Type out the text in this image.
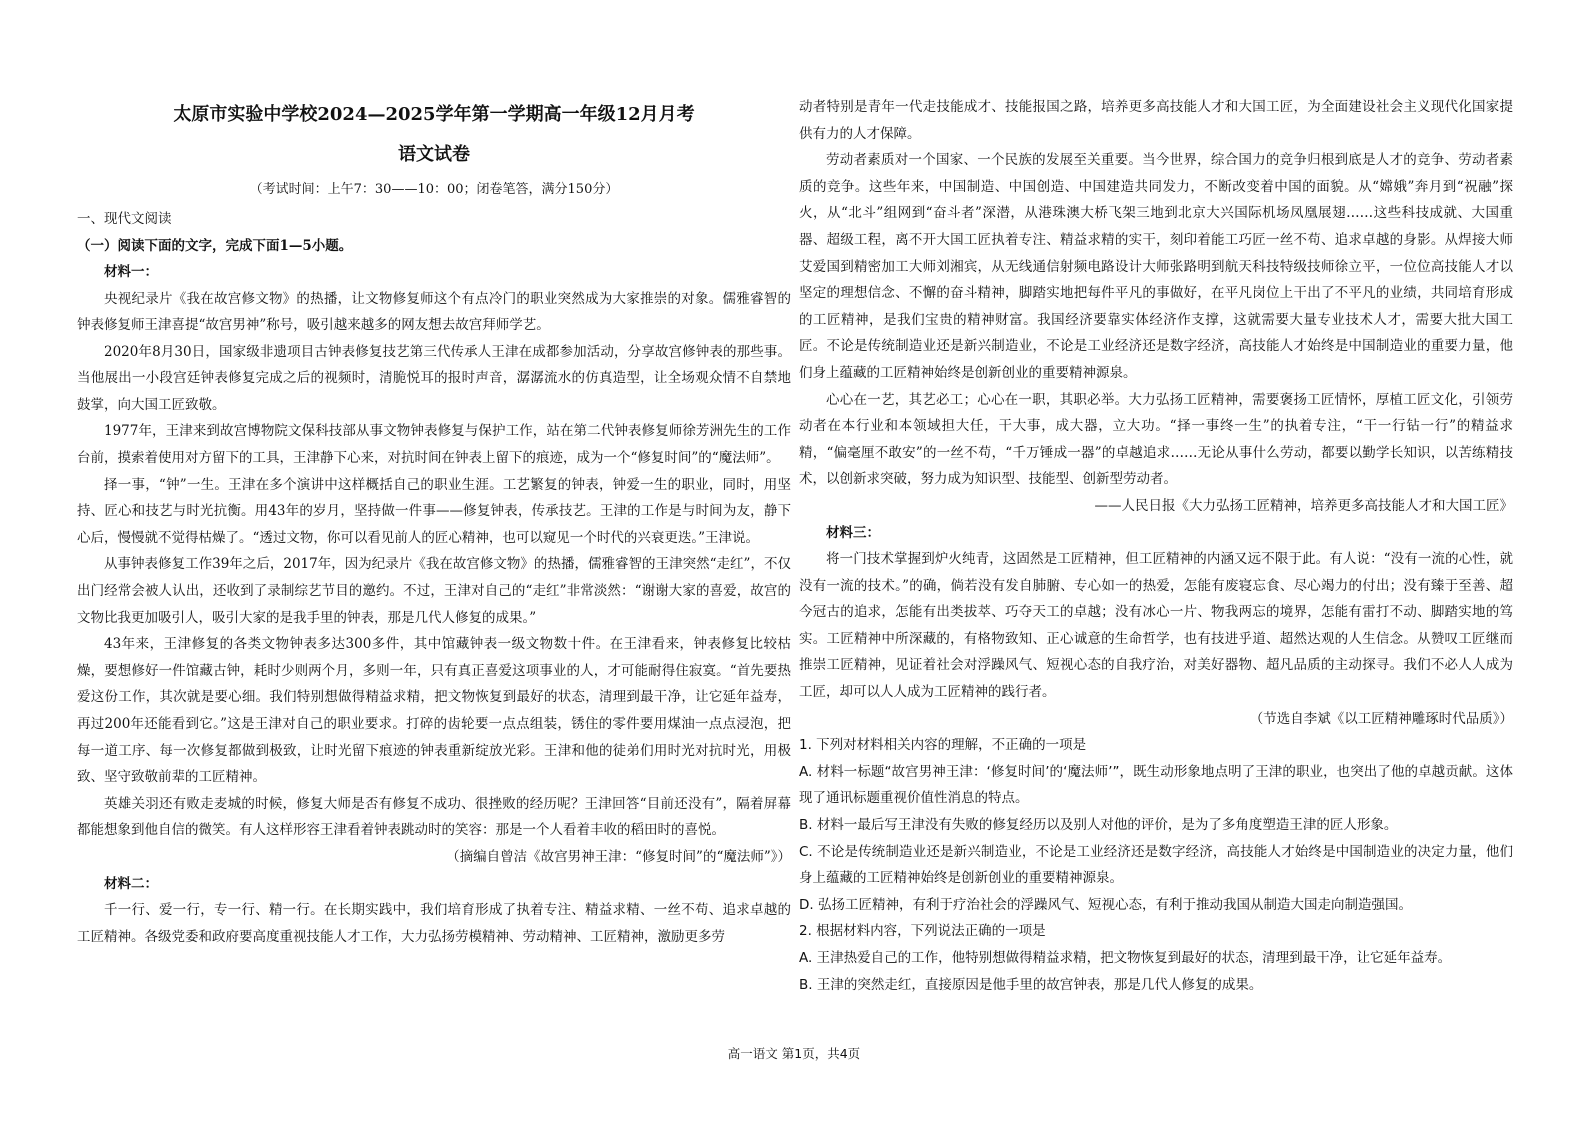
太原市实验中学校2024—2025学年第一学期高一年级12月月考

语文试卷

（考试时间：上午7：30——10：00；闭卷笔答，满分150分）

一、现代文阅读

（一）阅读下面的文字，完成下面1—5小题。

材料一：

央视纪录片《我在故宫修文物》的热播，让文物修复师这个有点冷门的职业突然成为大家推崇的对象。儒雅睿智的钟表修复师王津喜提“故宫男神”称号，吸引越来越多的网友想去故宫拜师学艺。

2020年8月30日，国家级非遗项目古钟表修复技艺第三代传承人王津在成都参加活动，分享故宫修钟表的那些事。当他展出一小段宫廷钟表修复完成之后的视频时，清脆悦耳的报时声音，潺潺流水的仿真造型，让全场观众情不自禁地鼓掌，向大国工匠致敬。

1977年，王津来到故宫博物院文保科技部从事文物钟表修复与保护工作，站在第二代钟表修复师徐芳洲先生的工作台前，摸索着使用对方留下的工具，王津静下心来，对抗时间在钟表上留下的痕迹，成为一个“修复时间”的“魔法师”。

择一事，“钟”一生。王津在多个演讲中这样概括自己的职业生涯。工艺繁复的钟表，钟爱一生的职业，同时，用坚持、匠心和技艺与时光抗衡。用43年的岁月，坚持做一件事——修复钟表，传承技艺。王津的工作是与时间为友，静下心后，慢慢就不觉得枯燥了。“透过文物，你可以看见前人的匠心精神，也可以窥见一个时代的兴衰更迭。”王津说。

从事钟表修复工作39年之后，2017年，因为纪录片《我在故宫修文物》的热播，儒雅睿智的王津突然“走红”，不仅出门经常会被人认出，还收到了录制综艺节目的邀约。不过，王津对自己的“走红”非常淡然：“谢谢大家的喜爱，故宫的文物比我更加吸引人，吸引大家的是我手里的钟表，那是几代人修复的成果。”

43年来，王津修复的各类文物钟表多达300多件，其中馆藏钟表一级文物数十件。在王津看来，钟表修复比较枯燥，要想修好一件馆藏古钟，耗时少则两个月，多则一年，只有真正喜爱这项事业的人，才可能耐得住寂寞。“首先要热爱这份工作，其次就是要心细。我们特别想做得精益求精，把文物恢复到最好的状态，清理到最干净，让它延年益寿，再过200年还能看到它。”这是王津对自己的职业要求。打碎的齿轮要一点点组装，锈住的零件要用煤油一点点浸泡，把每一道工序、每一次修复都做到极致，让时光留下痕迹的钟表重新绽放光彩。王津和他的徒弟们用时光对抗时光，用极致、坚守致敬前辈的工匠精神。

英雄关羽还有败走麦城的时候，修复大师是否有修复不成功、很挫败的经历呢？王津回答“目前还没有”，隔着屏幕都能想象到他自信的微笑。有人这样形容王津看着钟表跳动时的笑容：那是一个人看着丰收的稻田时的喜悦。

（摘编自曾洁《故宫男神王津：“修复时间”的“魔法师”》）

材料二：

千一行、爱一行，专一行、精一行。在长期实践中，我们培育形成了执着专注、精益求精、一丝不苟、追求卓越的工匠精神。各级党委和政府要高度重视技能人才工作，大力弘扬劳模精神、劳动精神、工匠精神，激励更多劳

动者特别是青年一代走技能成才、技能报国之路，培养更多高技能人才和大国工匠，为全面建设社会主义现代化国家提供有力的人才保障。

劳动者素质对一个国家、一个民族的发展至关重要。当今世界，综合国力的竞争归根到底是人才的竞争、劳动者素质的竞争。这些年来，中国制造、中国创造、中国建造共同发力，不断改变着中国的面貌。从“嫦娥”奔月到“祝融”探火，从“北斗”组网到“奋斗者”深潜，从港珠澳大桥飞架三地到北京大兴国际机场凤凰展翅……这些科技成就、大国重器、超级工程，离不开大国工匠执着专注、精益求精的实干，刻印着能工巧匠一丝不苟、追求卓越的身影。从焊接大师艾爱国到精密加工大师刘湘宾，从无线通信射频电路设计大师张路明到航天科技特级技师徐立平，一位位高技能人才以坚定的理想信念、不懈的奋斗精神，脚踏实地把每件平凡的事做好，在平凡岗位上干出了不平凡的业绩，共同培育形成的工匠精神，是我们宝贵的精神财富。我国经济要靠实体经济作支撑，这就需要大量专业技术人才，需要大批大国工匠。不论是传统制造业还是新兴制造业，不论是工业经济还是数字经济，高技能人才始终是中国制造业的重要力量，他们身上蕴藏的工匠精神始终是创新创业的重要精神源泉。

心心在一艺，其艺必工；心心在一职，其职必举。大力弘扬工匠精神，需要褒扬工匠情怀，厚植工匠文化，引领劳动者在本行业和本领域担大任，干大事，成大器，立大功。“择一事终一生”的执着专注，“干一行钻一行”的精益求精，“偏毫厘不敢安”的一丝不苟，“千万锤成一器”的卓越追求……无论从事什么劳动，都要以勤学长知识，以苦练精技术，以创新求突破，努力成为知识型、技能型、创新型劳动者。

——人民日报《大力弘扬工匠精神，培养更多高技能人才和大国工匠》

材料三：

将一门技术掌握到炉火纯青，这固然是工匠精神，但工匠精神的内涵又远不限于此。有人说：“没有一流的心性，就没有一流的技术。”的确，倘若没有发自肺腑、专心如一的热爱，怎能有废寝忘食、尽心竭力的付出；没有臻于至善、超今冠古的追求，怎能有出类拔萃、巧夺天工的卓越；没有冰心一片、物我两忘的境界，怎能有雷打不动、脚踏实地的笃实。工匠精神中所深藏的，有格物致知、正心诚意的生命哲学，也有技进乎道、超然达观的人生信念。从赞叹工匠继而推崇工匠精神，见证着社会对浮躁风气、短视心态的自我疗治，对美好器物、超凡品质的主动探寻。我们不必人人成为工匠，却可以人人成为工匠精神的践行者。

（节选自李斌《以工匠精神雕琢时代品质》）

1. 下列对材料相关内容的理解，不正确的一项是

A. 材料一标题“故宫男神王津：‘修复时间’的‘魔法师’”，既生动形象地点明了王津的职业，也突出了他的卓越贡献。这体现了通讯标题重视价值性消息的特点。

B. 材料一最后写王津没有失败的修复经历以及别人对他的评价，是为了多角度塑造王津的匠人形象。

C. 不论是传统制造业还是新兴制造业，不论是工业经济还是数字经济，高技能人才始终是中国制造业的决定力量，他们身上蕴藏的工匠精神始终是创新创业的重要精神源泉。

D. 弘扬工匠精神，有利于疗治社会的浮躁风气、短视心态，有利于推动我国从制造大国走向制造强国。

2. 根据材料内容，下列说法正确的一项是

A. 王津热爱自己的工作，他特别想做得精益求精，把文物恢复到最好的状态，清理到最干净，让它延年益寿。

B. 王津的突然走红，直接原因是他手里的故宫钟表，那是几代人修复的成果。

高一语文 第1页，共4页
